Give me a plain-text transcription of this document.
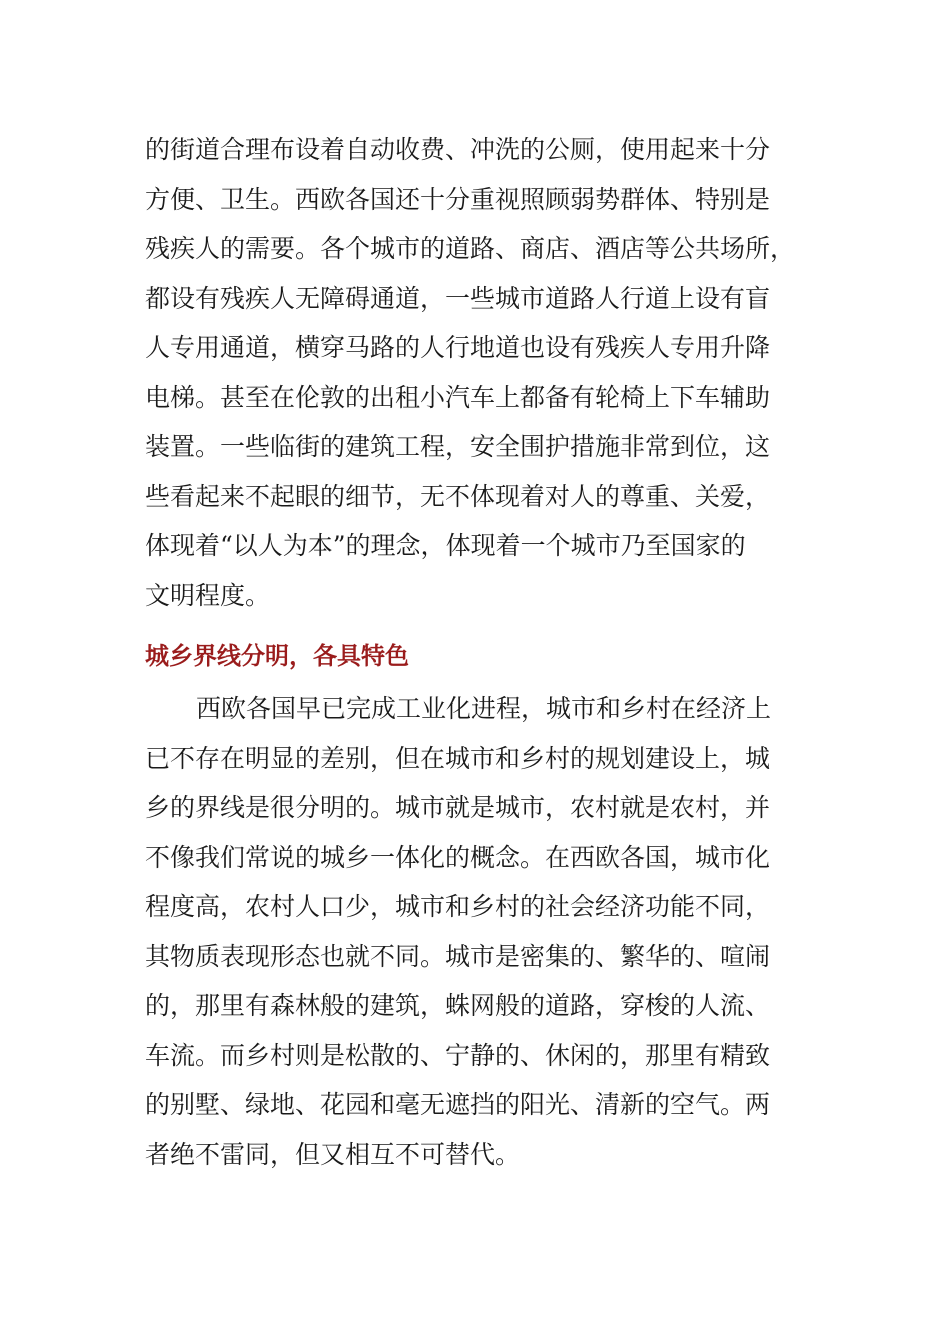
的街道合理布设着自动收费、冲洗的公厕，使用起来十分

方便、卫生。西欧各国还十分重视照顾弱势群体、特别是

残疾人的需要。各个城市的道路、商店、酒店等公共场所，

都设有残疾人无障碍通道，一些城市道路人行道上设有盲

人专用通道，横穿马路的人行地道也设有残疾人专用升降

电梯。甚至在伦敦的出租小汽车上都备有轮椅上下车辅助

装置。一些临街的建筑工程，安全围护措施非常到位，这

些看起来不起眼的细节，无不体现着对人的尊重、关爱，

体现着“以人为本”的理念，体现着一个城市乃至国家的

文明程度。

城乡界线分明，各具特色

西欧各国早已完成工业化进程，城市和乡村在经济上

已不存在明显的差别，但在城市和乡村的规划建设上，城

乡的界线是很分明的。城市就是城市，农村就是农村，并

不像我们常说的城乡一体化的概念。在西欧各国，城市化

程度高，农村人口少，城市和乡村的社会经济功能不同，

其物质表现形态也就不同。城市是密集的、繁华的、喧闹

的，那里有森林般的建筑，蛛网般的道路，穿梭的人流、

车流。而乡村则是松散的、宁静的、休闲的，那里有精致

的别墅、绿地、花园和毫无遮挡的阳光、清新的空气。两

者绝不雷同，但又相互不可替代。
